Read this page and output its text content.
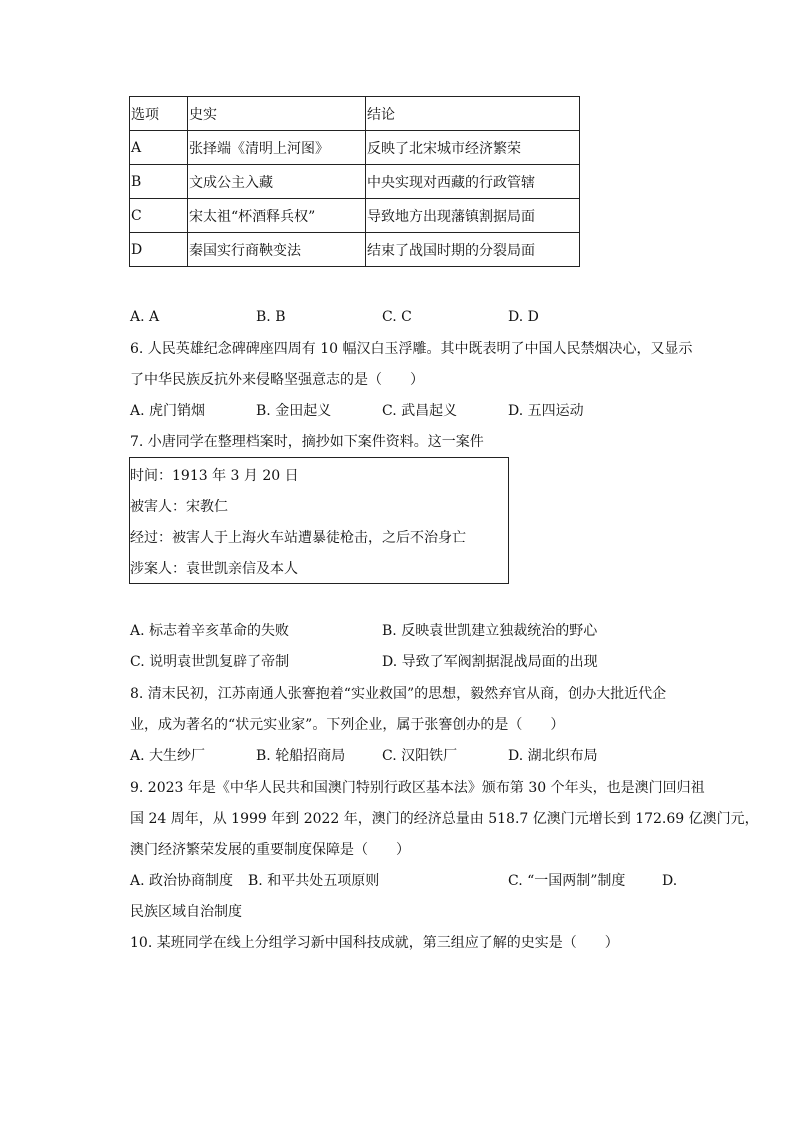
选项	史实	结论
A	张择端《清明上河图》	反映了北宋城市经济繁荣
B	文成公主入藏	中央实现对西藏的行政管辖
C	宋太祖“杯酒释兵权”	导致地方出现藩镇割据局面
D	秦国实行商鞅变法	结束了战国时期的分裂局面
A. A	B. B	C. C	D. D
6. 人民英雄纪念碑碑座四周有 10 幅汉白玉浮雕。其中既表明了中国人民禁烟决心，又显示
了中华民族反抗外来侵略坚强意志的是（　　）
A. 虎门销烟	B. 金田起义	C. 武昌起义	D. 五四运动
7. 小唐同学在整理档案时，摘抄如下案件资料。这一案件
时间：1913 年 3 月 20 日
被害人：宋教仁
经过：被害人于上海火车站遭暴徒枪击，之后不治身亡
涉案人：袁世凯亲信及本人
A. 标志着辛亥革命的失败	B. 反映袁世凯建立独裁统治的野心
C. 说明袁世凯复辟了帝制	D. 导致了军阀割据混战局面的出现
8. 清末民初，江苏南通人张謇抱着“实业救国”的思想，毅然弃官从商，创办大批近代企
业，成为著名的“状元实业家”。下列企业，属于张謇创办的是（　　）
A. 大生纱厂	B. 轮船招商局	C. 汉阳铁厂	D. 湖北织布局
9. 2023 年是《中华人民共和国澳门特别行政区基本法》颁布第 30 个年头，也是澳门回归祖
国 24 周年，从 1999 年到 2022 年，澳门的经济总量由 518.7 亿澳门元增长到 172.69 亿澳门元，
澳门经济繁荣发展的重要制度保障是（　　）
A. 政治协商制度 B. 和平共处五项原则	C. “一国两制”制度	D.
民族区域自治制度
10. 某班同学在线上分组学习新中国科技成就，第三组应了解的史实是（　　）
